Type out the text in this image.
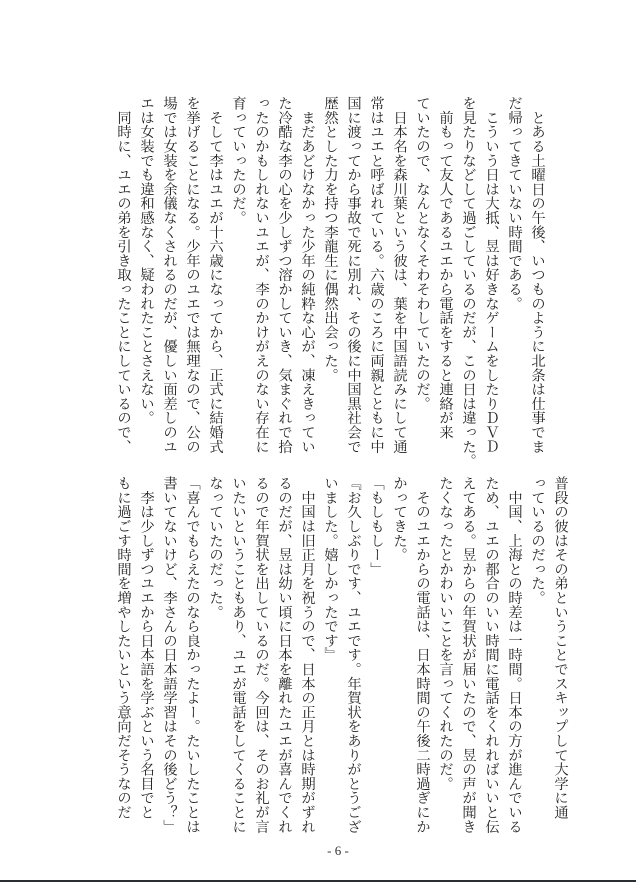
　とある土曜日の午後、いつものように北条は仕事でま
だ帰ってきていない時間である。
　こういう日は大抵、昱は好きなゲームをしたりＤＶＤ
を見たりなどして過ごしているのだが、この日は違った。
　前もって友人であるユエから電話をすると連絡が来
ていたので、なんとなくそわそわしていたのだ。
　日本名を森川葉という彼は、葉を中国語読みにして通
常はユエと呼ばれている。六歳のころに両親とともに中
国に渡ってから事故で死に別れ、その後に中国黒社会で
歴然とした力を持つ李龍生に偶然出会った。
　まだあどけなかった少年の純粋な心が、凍えきってい
た冷酷な李の心を少しずつ溶かしていき、気まぐれで拾
ったのかもしれないユエが、李のかけがえのない存在に
育っていったのだ。
　そして李はユエが十六歳になってから、正式に結婚式
を挙げることになる。少年のユエでは無理なので、公の
場では女装を余儀なくされるのだが、優しい面差しのユ
エは女装でも違和感なく、疑われたことさえない。
　同時に、ユエの弟を引き取ったことにしているので、
普段の彼はその弟ということでスキップして大学に通
っているのだった。
　中国、上海との時差は一時間。日本の方が進んでいる
ため、ユエの都合のいい時間に電話をくれればいいと伝
えてある。昱からの年賀状が届いたので、昱の声が聞き
たくなったとかわいいことを言ってくれたのだ。
　そのユエからの電話は、日本時間の午後二時過ぎにか
かってきた。
「もしもしー」
『お久しぶりです、ユエです。年賀状をありがとうござ
いました。嬉しかったです』
　中国は旧正月を祝うので、日本の正月とは時期がずれ
るのだが、昱は幼い頃に日本を離れたユエが喜んでくれ
るので年賀状を出しているのだ。今回は、そのお礼が言
いたいということもあり、ユエが電話をしてくることに
なっていたのだった。
「喜んでもらえたのなら良かったよー。たいしたことは
書いてないけど、李さんの日本語学習はその後どう？」
　李は少しずつユエから日本語を学ぶという名目でと
もに過ごす時間を増やしたいという意向だそうなのだ
- 6 -
